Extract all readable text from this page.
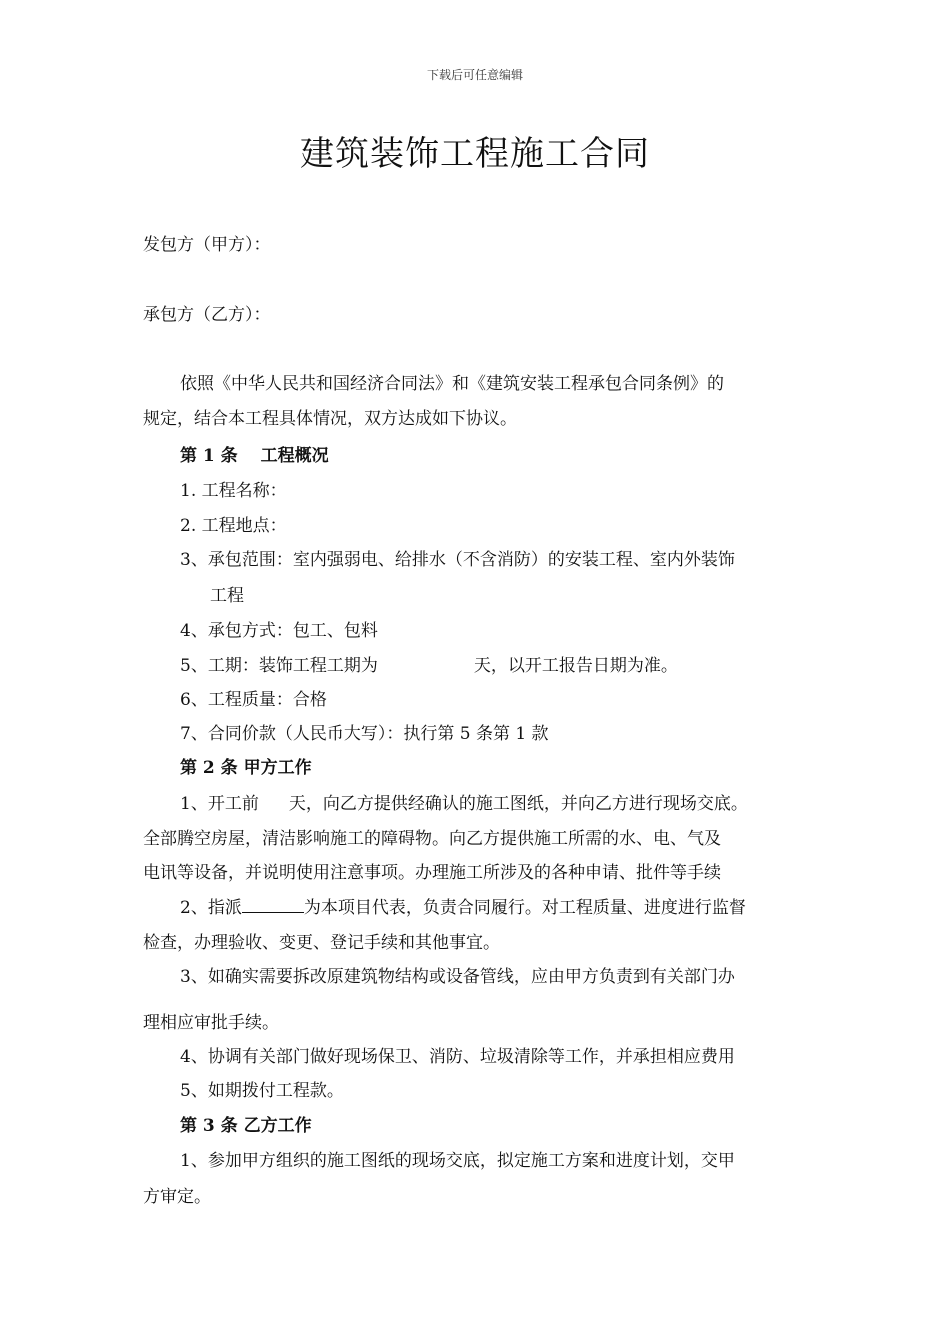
下载后可任意编辑
建筑装饰工程施工合同
发包方（甲方）：
承包方（乙方）：
依照《中华人民共和国经济合同法》和《建筑安装工程承包合同条例》的
规定，结合本工程具体情况，双方达成如下协议。
第 1 条　 工程概况
1. 工程名称：
2. 工程地点：
3、承包范围：室内强弱电、给排水（不含消防）的安装工程、室内外装饰
工程
4、承包方式：包工、包料
5、工期：装饰工程工期为	天，以开工报告日期为准。
6、工程质量：合格
7、合同价款（人民币大写）：执行第 5 条第 1 款
第 2 条 甲方工作
1、开工前 天，向乙方提供经确认的施工图纸，并向乙方进行现场交底。
全部腾空房屋，清洁影响施工的障碍物。向乙方提供施工所需的水、电、气及
电讯等设备，并说明使用注意事项。办理施工所涉及的各种申请、批件等手续
2、指派	为本项目代表，负责合同履行。对工程质量、进度进行监督
检查，办理验收、变更、登记手续和其他事宜。
3、如确实需要拆改原建筑物结构或设备管线，应由甲方负责到有关部门办
理相应审批手续。
4、协调有关部门做好现场保卫、消防、垃圾清除等工作，并承担相应费用
5、如期拨付工程款。
第 3 条 乙方工作
1、参加甲方组织的施工图纸的现场交底，拟定施工方案和进度计划，交甲
方审定。
